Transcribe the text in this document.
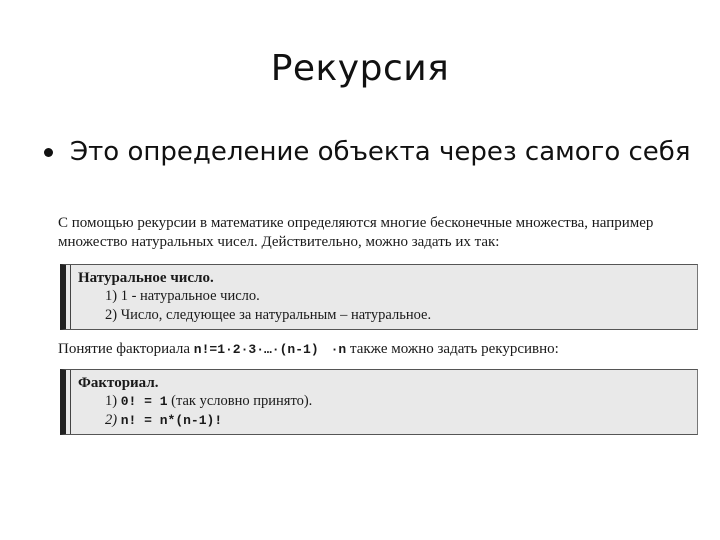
Рекурсия
Это определение объекта через самого себя
С помощью рекурсии в математике определяются многие бесконечные множества, например
множество натуральных чисел. Действительно, можно задать их так:
Натуральное число.
1) 1 - натуральное число.
2) Число, следующее за натуральным – натуральное.
Понятие факториала n!=1·2·3·…·(n-1) ·n также можно задать рекурсивно:
Факториал.
1) 0! = 1 (так условно принято).
2) n! = n*(n-1)!
